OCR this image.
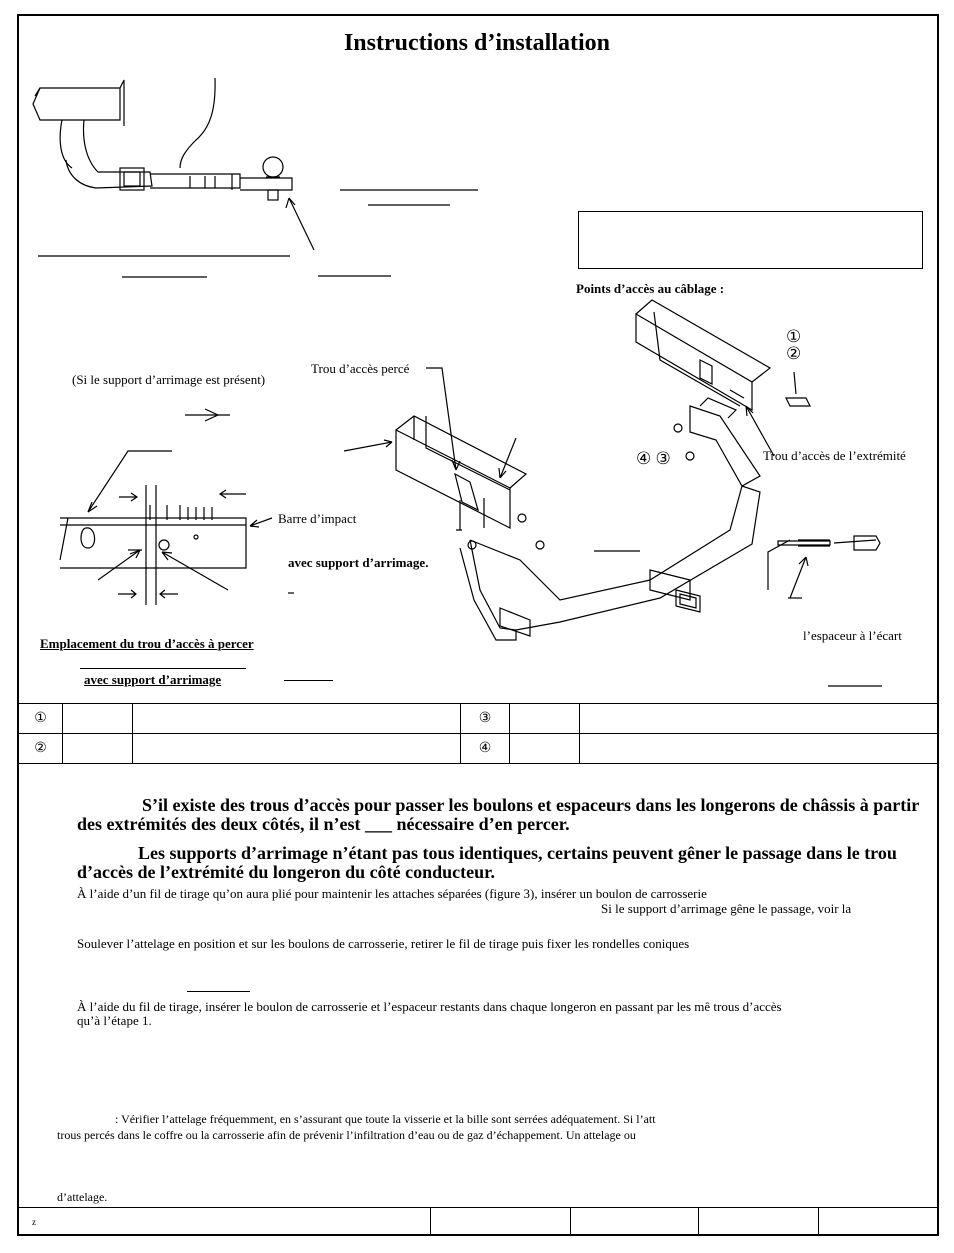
Instructions d’installation
Points d’accès au câblage :
(Si le support d’arrimage est présent)
Trou d’accès percé
①
②
④ ③	Trou d’accès de l’extrémité
Barre d’impact
avec support d’arrimage.
Emplacement du trou d’accès à percer
avec support d’arrimage
l’espaceur à l’écart
①			③		
②			④		
S’il existe des trous d’accès pour passer les boulons et espaceurs dans les longerons de châssis à partir des extrémités des deux côtés, il n’est ___ nécessaire d’en percer.
Les supports d’arrimage n’étant pas tous identiques, certains peuvent gêner le passage dans le trou d’accès de l’extrémité du longeron du côté conducteur.
À l’aide d’un fil de tirage qu’on aura plié pour maintenir les attaches séparées (figure 3), insérer un boulon de carrosserie
Si le support d’arrimage gêne le passage, voir la
Soulever l’attelage en position et sur les boulons de carrosserie, retirer le fil de tirage puis fixer les rondelles coniques
À l’aide du fil de tirage, insérer le boulon de carrosserie et l’espaceur restants dans chaque longeron en passant par les mê trous d’accès
qu’à l’étape 1.
: Vérifier l’attelage fréquemment, en s’assurant que toute la visserie et la bille sont serrées adéquatement. Si l’att
trous percés dans le coffre ou la carrosserie afin de prévenir l’infiltration d’eau ou de gaz d’échappement. Un attelage ou
d’attelage.
z				
